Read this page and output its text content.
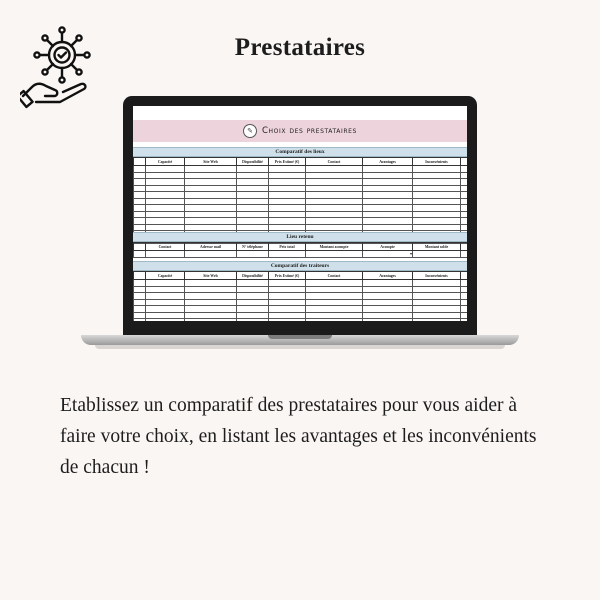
Prestataires
✎	Choix des prestataires
Comparatif des lieux
	Capacité	Site Web	Disponibilité	Prix Estimé (€)	Contact	Avantages	Inconvénients	

Lieu retenu
	Contact	Adresse mail	N° téléphone	Prix total	Montant acompte	Acompte	Montant solde	
						▾		
Comparatif des traiteurs
	Capacité	Site Web	Disponibilité	Prix Estimé (€)	Contact	Avantages	Inconvénients	

Etablissez un comparatif des prestataires pour vous aider à faire votre choix, en listant les avantages et les inconvénients de chacun !
